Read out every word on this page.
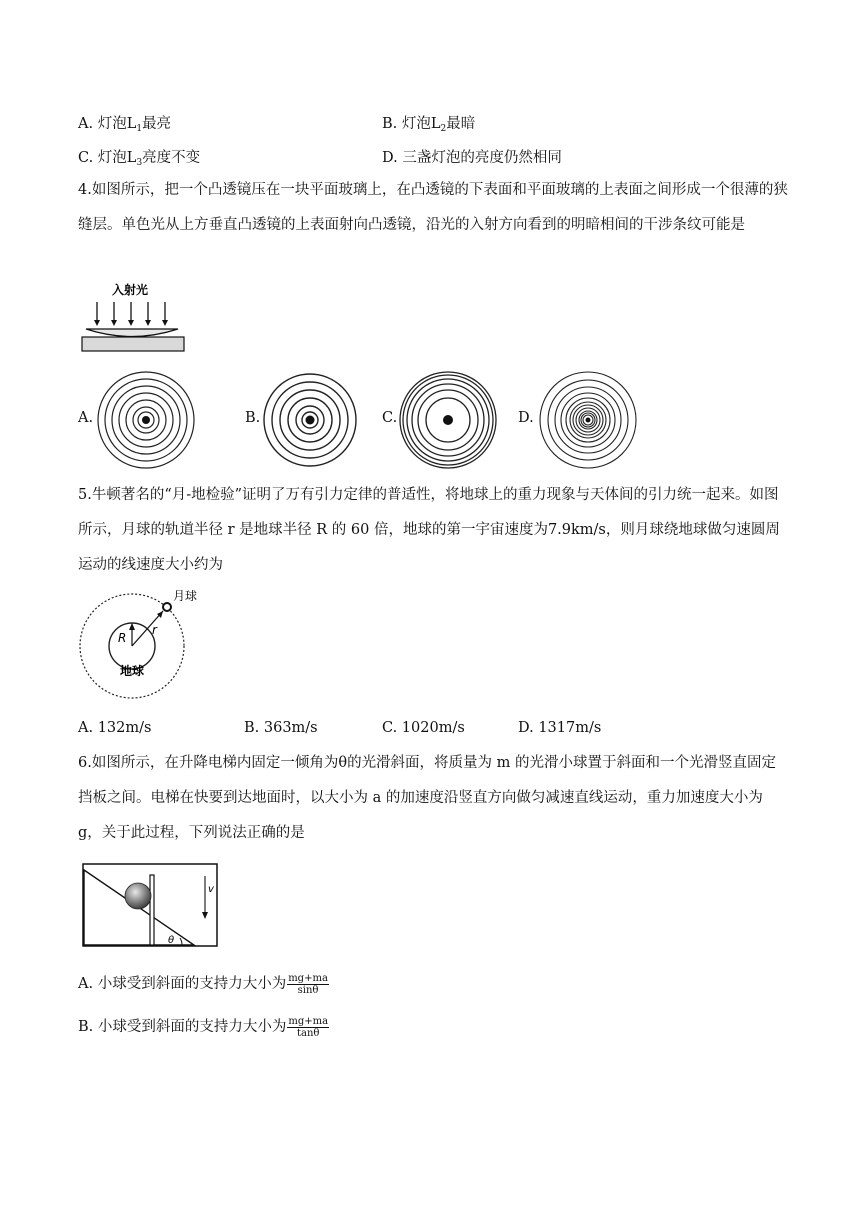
A. 灯泡$L_1$最亮	B. 灯泡$L_2$最暗
C. 灯泡$L_3$亮度不变	D. 三盏灯泡的亮度仍然相同
4.如图所示，把一个凸透镜压在一块平面玻璃上，在凸透镜的下表面和平面玻璃的上表面之间形成一个很薄的狭缝层。单色光从上方垂直凸透镜的上表面射向凸透镜，沿光的入射方向看到的明暗相间的干涉条纹可能是
入射光
A.	B.	C.	D.
5.牛顿著名的“月-地检验”证明了万有引力定律的普适性，将地球上的重力现象与天体间的引力统一起来。如图所示，月球的轨道半径 r 是地球半径 R 的 60 倍，地球的第一宇宙速度为7.9km/s，则月球绕地球做匀速圆周运动的线速度大小约为
月球
R
r
地球
A. 132m/s	B. 363m/s	C. 1020m/s	D. 1317m/s
6.如图所示，在升降电梯内固定一倾角为θ的光滑斜面，将质量为 m 的光滑小球置于斜面和一个光滑竖直固定挡板之间。电梯在快要到达地面时，以大小为 a 的加速度沿竖直方向做匀减速直线运动，重力加速度大小为 g，关于此过程，下列说法正确的是
θ
v
A. 小球受到斜面的支持力大小为 $\frac{mg+ma}{\sin\theta}$
B. 小球受到斜面的支持力大小为 $\frac{mg+ma}{\tan\theta}$
